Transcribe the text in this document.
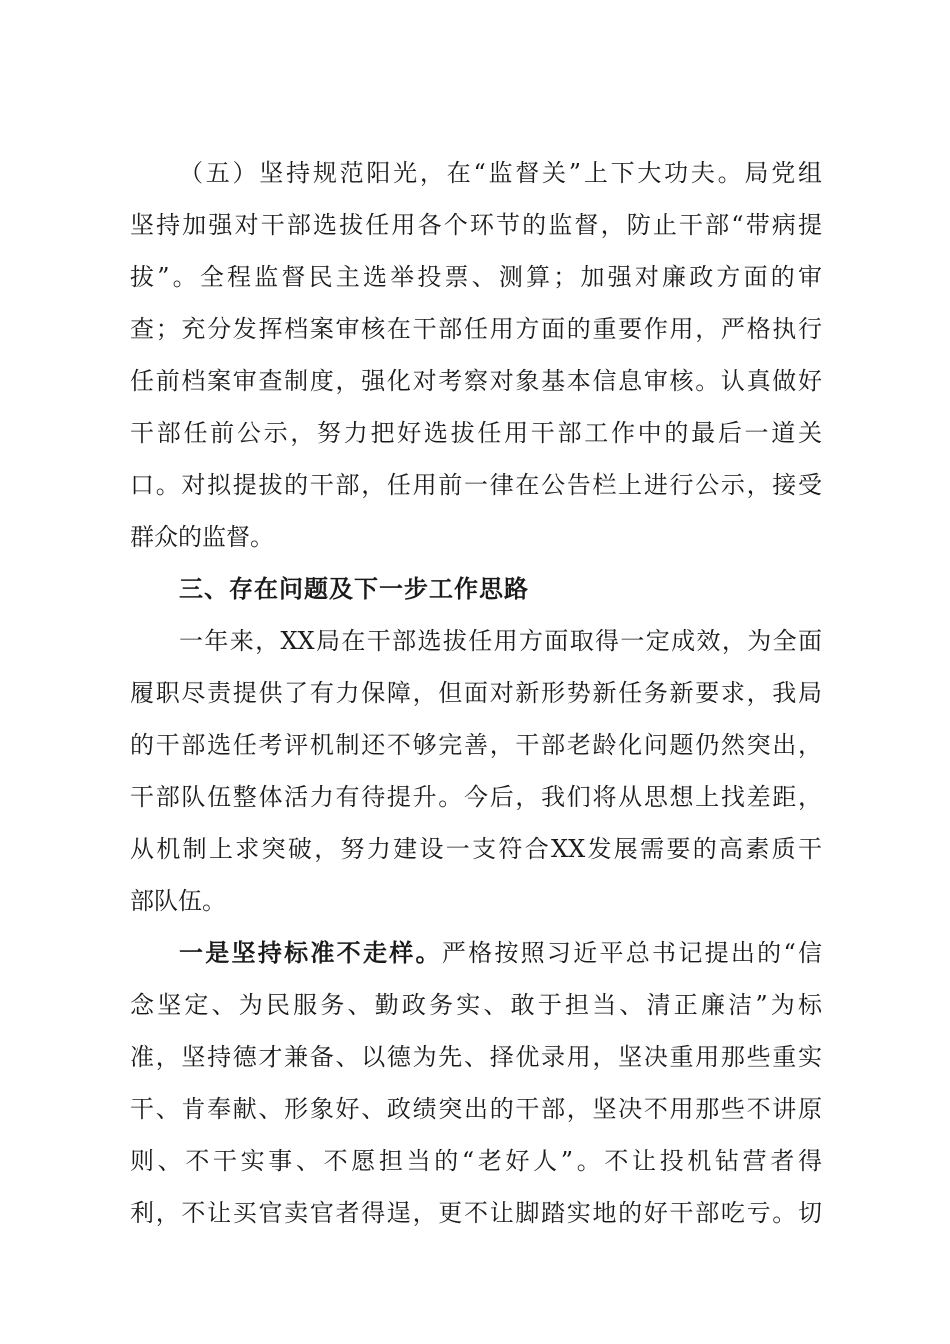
（五）坚持规范阳光，在“监督关”上下大功夫。局党组
坚持加强对干部选拔任用各个环节的监督，防止干部“带病提
拔”。全程监督民主选举投票、测算；加强对廉政方面的审
查；充分发挥档案审核在干部任用方面的重要作用，严格执行
任前档案审查制度，强化对考察对象基本信息审核。认真做好
干部任前公示，努力把好选拔任用干部工作中的最后一道关
口。对拟提拔的干部，任用前一律在公告栏上进行公示，接受
群众的监督。
三、存在问题及下一步工作思路
一年来，XX局在干部选拔任用方面取得一定成效，为全面
履职尽责提供了有力保障，但面对新形势新任务新要求，我局
的干部选任考评机制还不够完善，干部老龄化问题仍然突出，
干部队伍整体活力有待提升。今后，我们将从思想上找差距，
从机制上求突破，努力建设一支符合XX发展需要的高素质干
部队伍。
一是坚持标准不走样。严格按照习近平总书记提出的“信
念坚定、为民服务、勤政务实、敢于担当、清正廉洁”为标
准，坚持德才兼备、以德为先、择优录用，坚决重用那些重实
干、肯奉献、形象好、政绩突出的干部，坚决不用那些不讲原
则、不干实事、不愿担当的“老好人”。不让投机钻营者得
利，不让买官卖官者得逞，更不让脚踏实地的好干部吃亏。切
